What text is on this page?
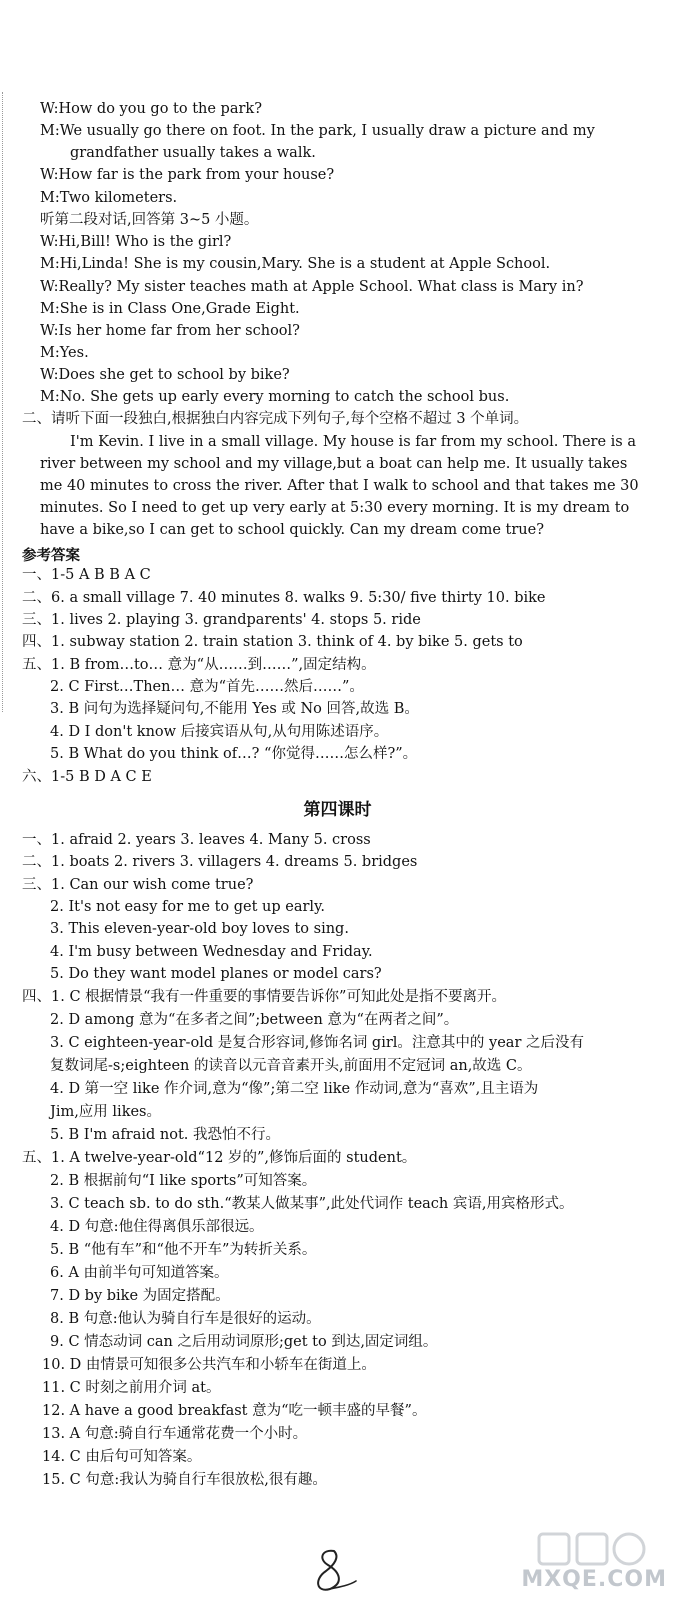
W:How do you go to the park?
M:We usually go there on foot. In the park, I usually draw a picture and my
grandfather usually takes a walk.
W:How far is the park from your house?
M:Two kilometers.
听第二段对话,回答第 3~5 小题。
W:Hi,Bill! Who is the girl?
M:Hi,Linda! She is my cousin,Mary. She is a student at Apple School.
W:Really? My sister teaches math at Apple School. What class is Mary in?
M:She is in Class One,Grade Eight.
W:Is her home far from her school?
M:Yes.
W:Does she get to school by bike?
M:No. She gets up early every morning to catch the school bus.
二、请听下面一段独白,根据独白内容完成下列句子,每个空格不超过 3 个单词。
I'm Kevin. I live in a small village. My house is far from my school. There is a
river between my school and my village,but a boat can help me. It usually takes
me 40 minutes to cross the river. After that I walk to school and that takes me 30
minutes. So I need to get up very early at 5:30 every morning. It is my dream to
have a bike,so I can get to school quickly. Can my dream come true?
参考答案
一、1-5 A B B A C
二、6. a small village 7. 40 minutes 8. walks 9. 5:30/ five thirty 10. bike
三、1. lives 2. playing 3. grandparents' 4. stops 5. ride
四、1. subway station 2. train station 3. think of 4. by bike 5. gets to
五、1. B from…to… 意为“从……到……”,固定结构。
2. C First…Then… 意为“首先……然后……”。
3. B 问句为选择疑问句,不能用 Yes 或 No 回答,故选 B。
4. D I don't know 后接宾语从句,从句用陈述语序。
5. B What do you think of…? “你觉得……怎么样?”。
六、1-5 B D A C E
第四课时
一、1. afraid 2. years 3. leaves 4. Many 5. cross
二、1. boats 2. rivers 3. villagers 4. dreams 5. bridges
三、1. Can our wish come true?
2. It's not easy for me to get up early.
3. This eleven-year-old boy loves to sing.
4. I'm busy between Wednesday and Friday.
5. Do they want model planes or model cars?
四、1. C 根据情景“我有一件重要的事情要告诉你”可知此处是指不要离开。
2. D among 意为“在多者之间”;between 意为“在两者之间”。
3. C eighteen-year-old 是复合形容词,修饰名词 girl。注意其中的 year 之后没有
复数词尾-s;eighteen 的读音以元音音素开头,前面用不定冠词 an,故选 C。
4. D 第一空 like 作介词,意为“像”;第二空 like 作动词,意为“喜欢”,且主语为
Jim,应用 likes。
5. B I'm afraid not. 我恐怕不行。
五、1. A twelve-year-old“12 岁的”,修饰后面的 student。
2. B 根据前句“I like sports”可知答案。
3. C teach sb. to do sth.“教某人做某事”,此处代词作 teach 宾语,用宾格形式。
4. D 句意:他住得离俱乐部很远。
5. B “他有车”和“他不开车”为转折关系。
6. A 由前半句可知道答案。
7. D by bike 为固定搭配。
8. B 句意:他认为骑自行车是很好的运动。
9. C 情态动词 can 之后用动词原形;get to 到达,固定词组。
10. D 由情景可知很多公共汽车和小轿车在街道上。
11. C 时刻之前用介词 at。
12. A have a good breakfast 意为“吃一顿丰盛的早餐”。
13. A 句意:骑自行车通常花费一个小时。
14. C 由后句可知答案。
15. C 句意:我认为骑自行车很放松,很有趣。
MXQE.COM
